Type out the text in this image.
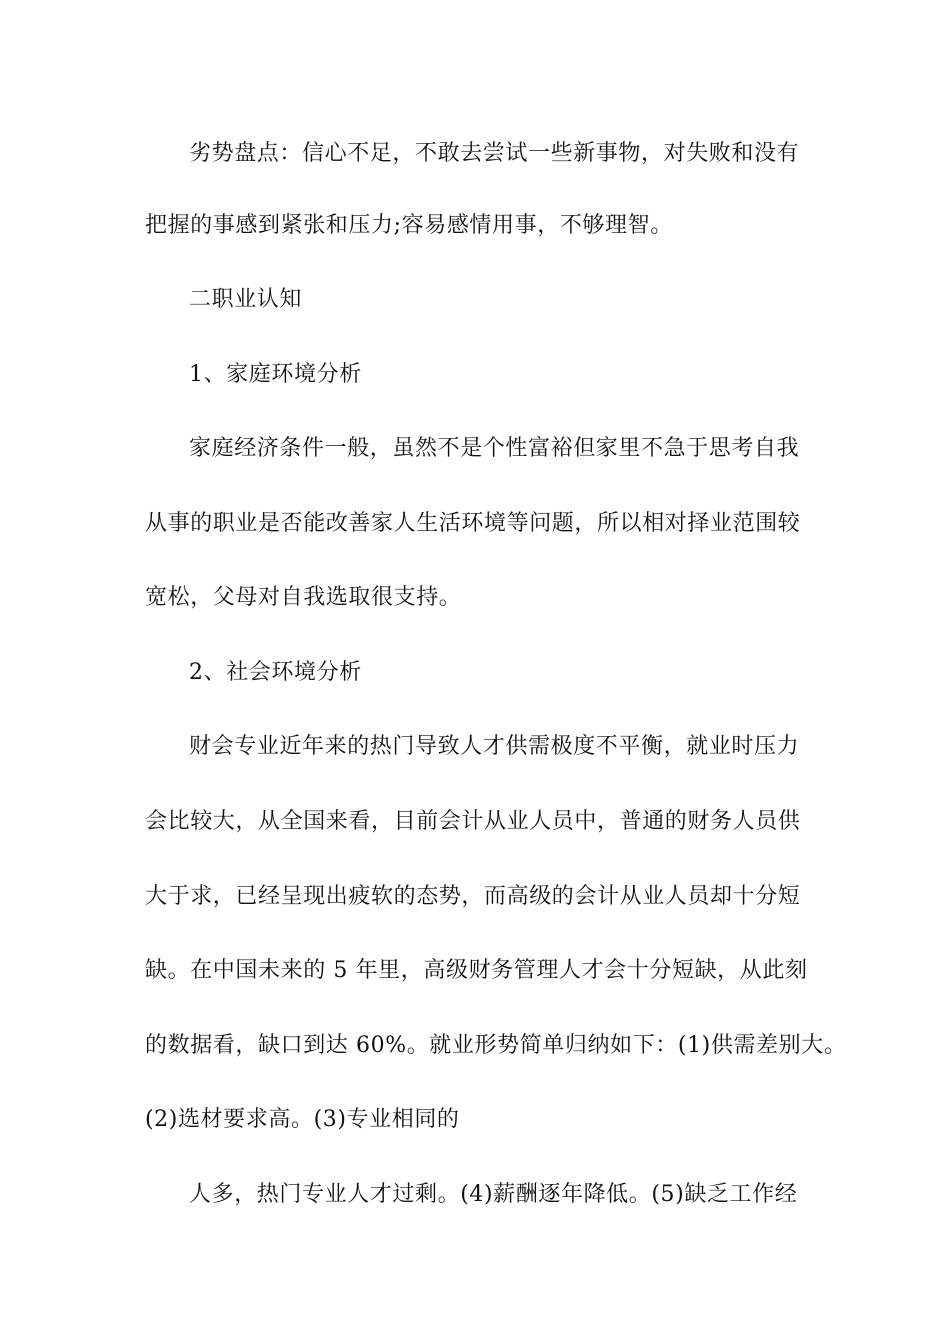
劣势盘点：信心不足，不敢去尝试一些新事物，对失败和没有
把握的事感到紧张和压力;容易感情用事，不够理智。
二职业认知
1、家庭环境分析
家庭经济条件一般，虽然不是个性富裕但家里不急于思考自我
从事的职业是否能改善家人生活环境等问题，所以相对择业范围较
宽松，父母对自我选取很支持。
2、社会环境分析
财会专业近年来的热门导致人才供需极度不平衡，就业时压力
会比较大，从全国来看，目前会计从业人员中，普通的财务人员供
大于求，已经呈现出疲软的态势，而高级的会计从业人员却十分短
缺。在中国未来的 5 年里，高级财务管理人才会十分短缺，从此刻
的数据看，缺口到达 60%。就业形势简单归纳如下：(1)供需差别大。
(2)选材要求高。(3)专业相同的
人多，热门专业人才过剩。(4)薪酬逐年降低。(5)缺乏工作经
